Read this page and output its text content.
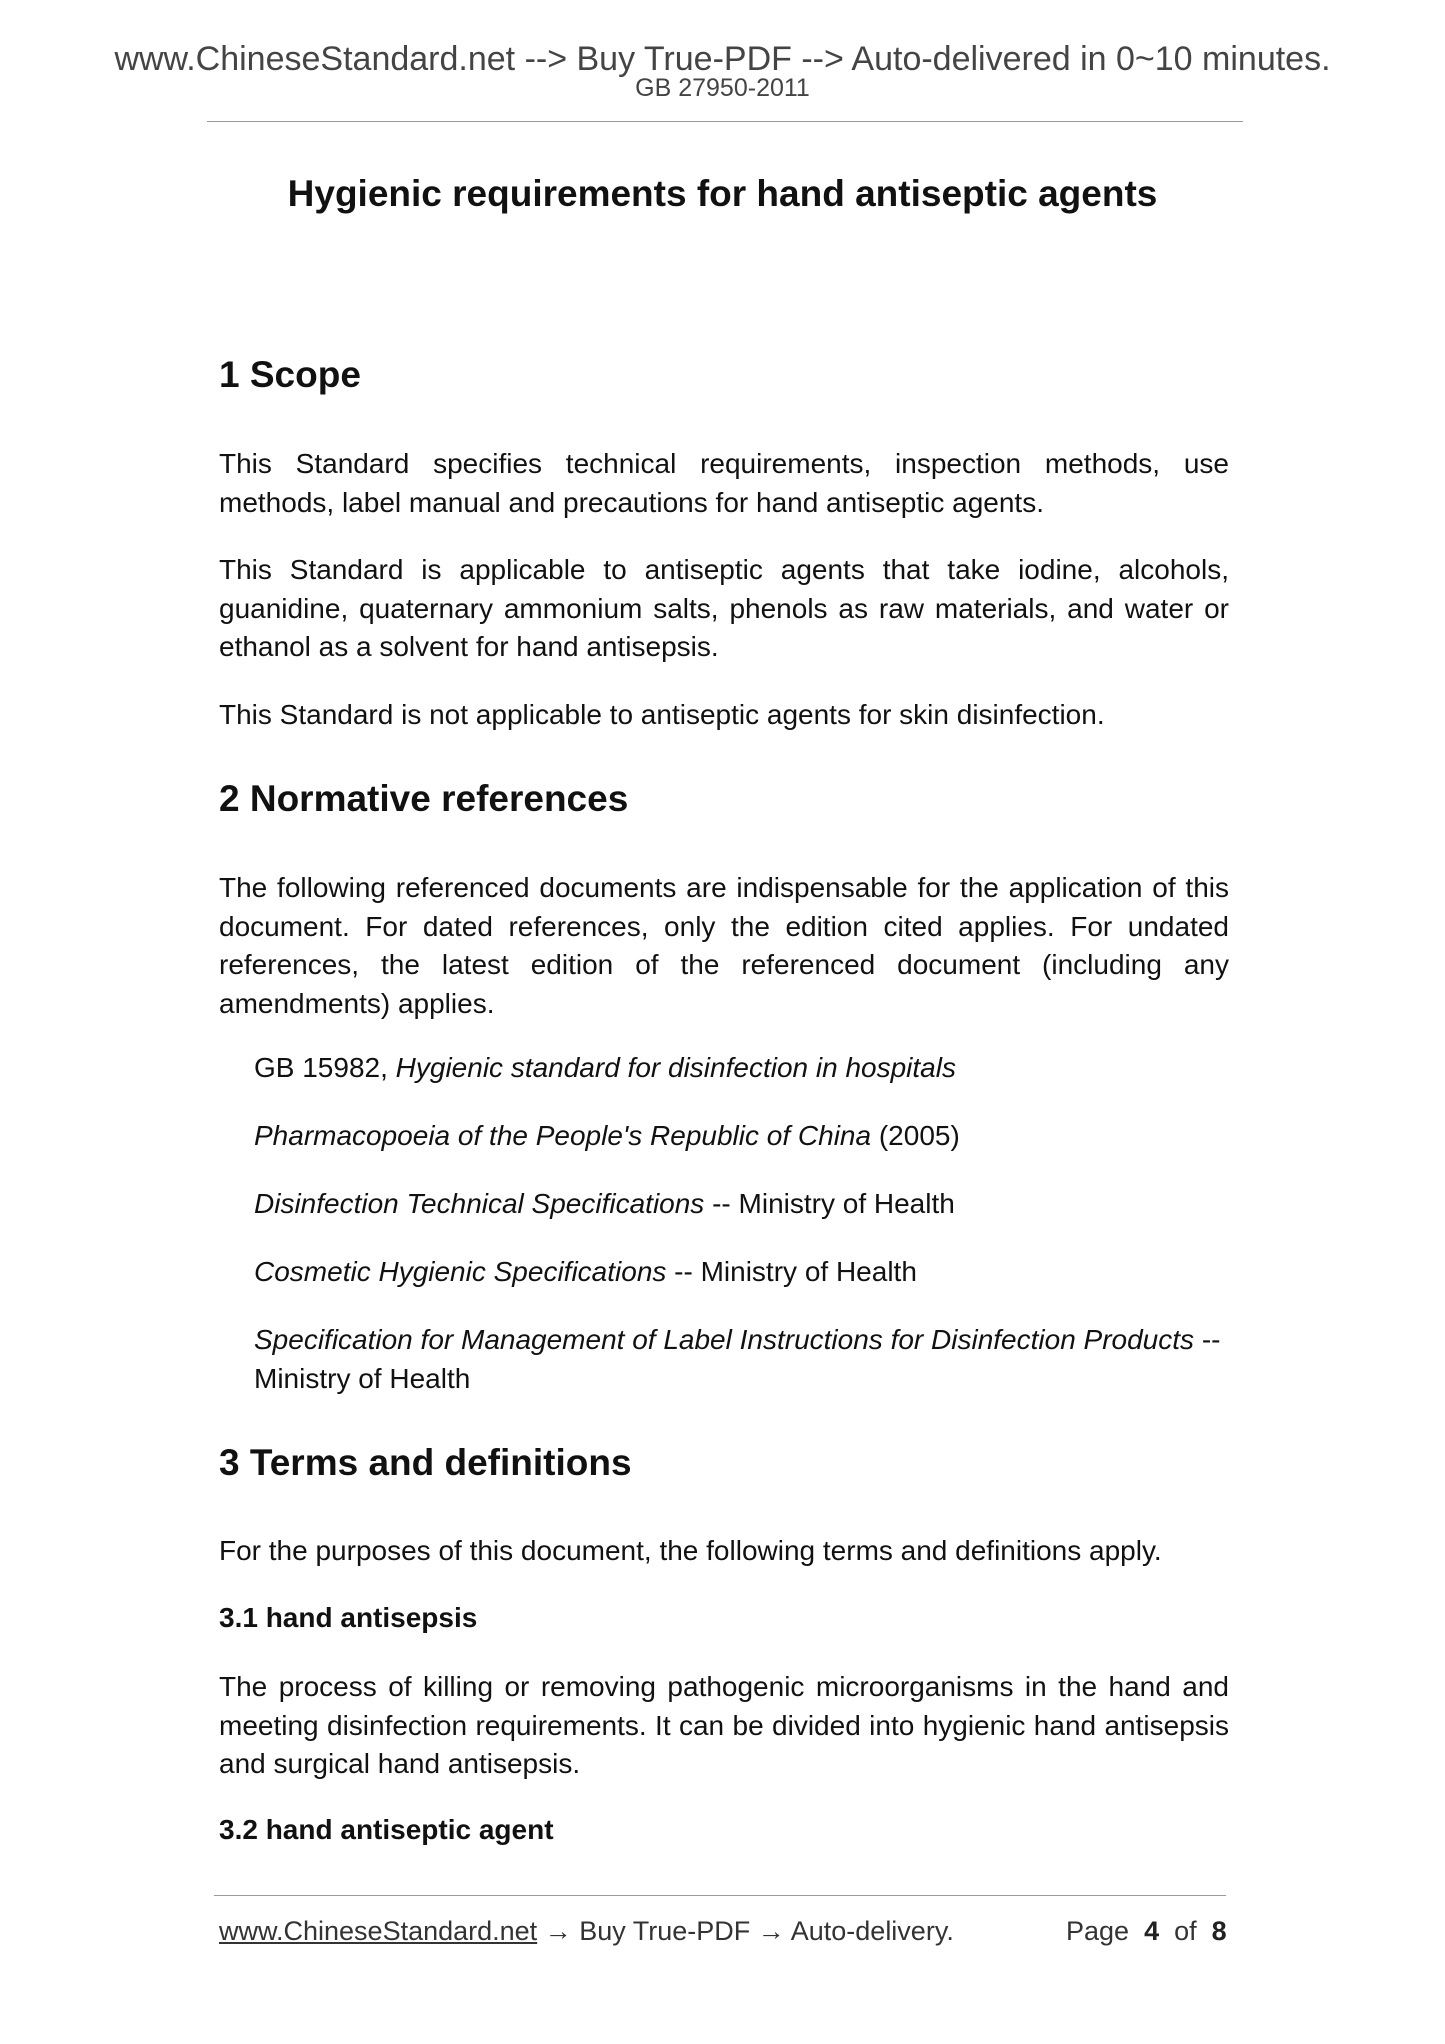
www.ChineseStandard.net --> Buy True-PDF --> Auto-delivered in 0~10 minutes.
GB 27950-2011
Hygienic requirements for hand antiseptic agents
1 Scope

This Standard specifies technical requirements, inspection methods, use methods, label manual and precautions for hand antiseptic agents.

This Standard is applicable to antiseptic agents that take iodine, alcohols, guanidine, quaternary ammonium salts, phenols as raw materials, and water or ethanol as a solvent for hand antisepsis.

This Standard is not applicable to antiseptic agents for skin disinfection.

2 Normative references

The following referenced documents are indispensable for the application of this document. For dated references, only the edition cited applies. For undated references, the latest edition of the referenced document (including any amendments) applies.

GB 15982, Hygienic standard for disinfection in hospitals

Pharmacopoeia of the People's Republic of China (2005)

Disinfection Technical Specifications -- Ministry of Health

Cosmetic Hygienic Specifications -- Ministry of Health

Specification for Management of Label Instructions for Disinfection Products -- Ministry of Health

3 Terms and definitions

For the purposes of this document, the following terms and definitions apply.

3.1 hand antisepsis

The process of killing or removing pathogenic microorganisms in the hand and meeting disinfection requirements. It can be divided into hygienic hand antisepsis and surgical hand antisepsis.

3.2 hand antiseptic agent
www.ChineseStandard.net → Buy True-PDF → Auto-delivery.	Page 4 of 8
